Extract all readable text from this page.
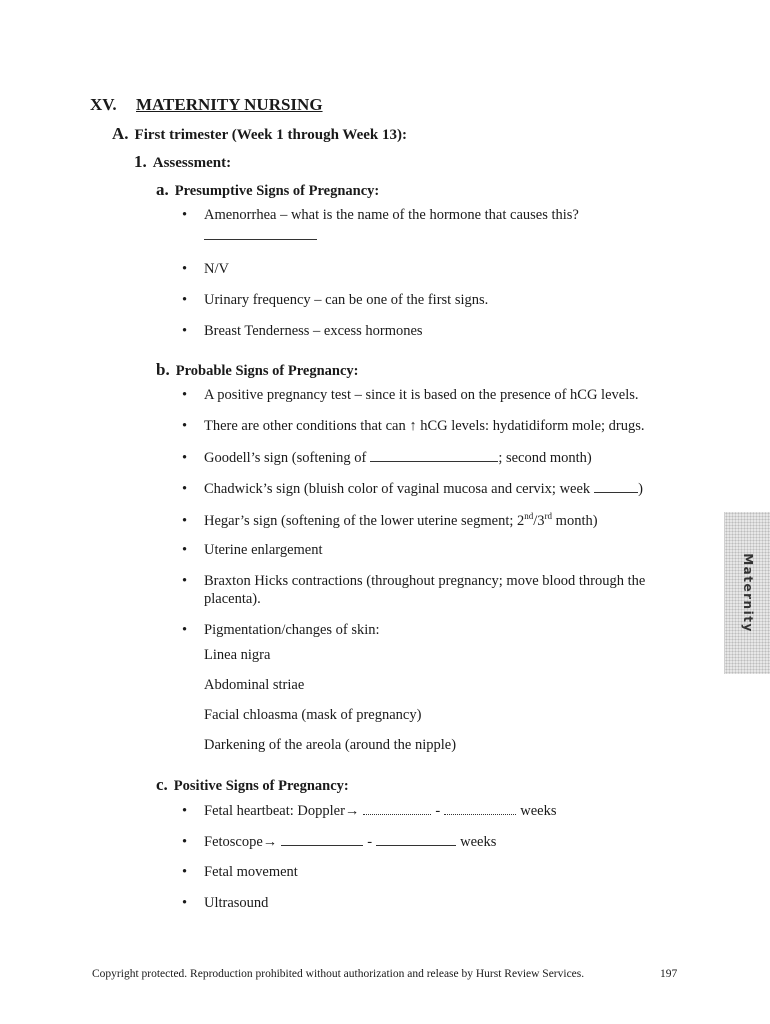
XV. MATERNITY NURSING
A. First trimester (Week 1 through Week 13):
1. Assessment:
a. Presumptive Signs of Pregnancy:
• Amenorrhea – what is the name of the hormone that causes this?
• N/V
• Urinary frequency – can be one of the first signs.
• Breast Tenderness – excess hormones
b. Probable Signs of Pregnancy:
• A positive pregnancy test – since it is based on the presence of hCG levels.
• There are other conditions that can ↑ hCG levels: hydatidiform mole; drugs.
• Goodell’s sign (softening of	; second month)
• Chadwick’s sign (bluish color of vaginal mucosa and cervix; week	)
• Hegar’s sign (softening of the lower uterine segment; 2nd/3rd month)
• Uterine enlargement
• Braxton Hicks contractions (throughout pregnancy; move blood through the
placenta).
• Pigmentation/changes of skin:
Linea nigra
Abdominal striae
Facial chloasma (mask of pregnancy)
Darkening of the areola (around the nipple)
c. Positive Signs of Pregnancy:
• Fetal heartbeat: Doppler→	-	weeks
• Fetoscope→	-	weeks
• Fetal movement
• Ultrasound
Maternity
Copyright protected. Reproduction prohibited without authorization and release by Hurst Review Services.	197
